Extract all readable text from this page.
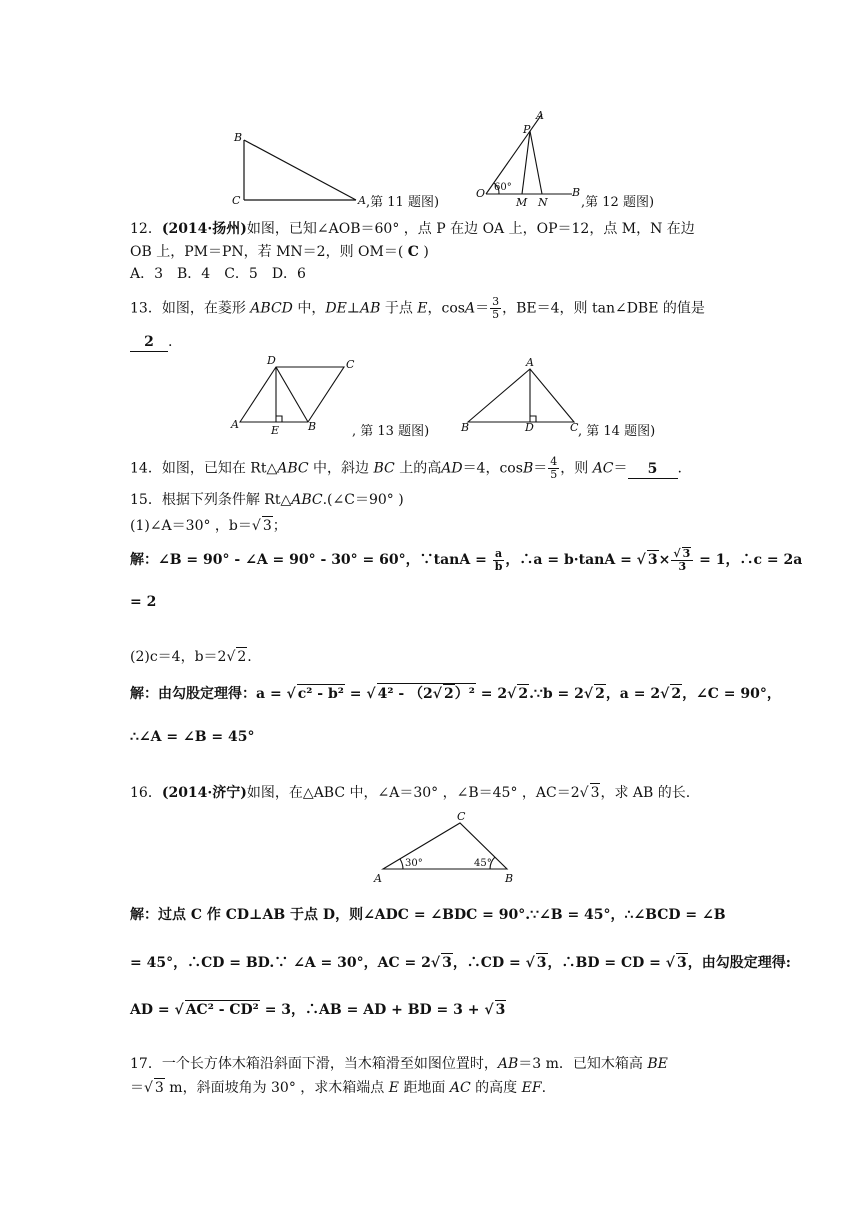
B
C	A
A
P
O
M N
B
60°
D	C
A	E	B
A
B	D	C
C
A	B
30°	45°
,第 11 题图)	,第 12 题图)
12．(2014·扬州)如图，已知∠AOB＝60° ，点 P 在边 OA 上，OP＝12，点 M，N 在边
OB 上，PM＝PN，若 MN＝2，则 OM＝( C )
A．3　B．4　C．5　D．6
13．如图，在菱形 ABCD 中，DE⊥AB 于点 E，$\cos A= \frac{3}{5}$ ，BE＝4，则 tan∠DBE 的值是
2 .
, 第 13 题图)	, 第 14 题图)
14．如图，已知在 Rt△ABC 中，斜边 BC 上的高AD＝4，$\cos B= \frac{4}{5}$ ，则 AC＝ 5 .
15．根据下列条件解 Rt△ABC.(∠C＝90° )
(1)∠A＝30° ，b＝√ 3；
解：∠B = 90° - ∠A = 90° - 30° = 60°，∵tanA = $\frac{a}{b}$ ，∴a = b·tanA = √ $3\times \frac{√ 3}{3} = 1$，∴c = 2a
= 2
(2)c＝4，b＝2√ 2.
解：由勾股定理得：a = √ c² - b² = √ 4² - （2√ 2）² = 2√ 2.∵b = 2√ 2，a = 2√ 2，∠C = 90°，
∴∠A = ∠B = 45°
16．(2014·济宁)如图，在△ABC 中，∠A＝30° ，∠B＝45° ，AC＝2√ 3，求 AB 的长.
解：过点 C 作 CD⊥AB 于点 D，则∠ADC = ∠BDC = 90°.∵∠B = 45°，∴∠BCD = ∠B
= 45°，∴CD = BD.∵ ∠A = 30°，AC = 2√ 3，∴CD = √ 3，∴BD = CD = √ 3，由勾股定理得:
AD = √ AC² - CD² = 3，∴AB = AD + BD = 3 + √ 3
17．一个长方体木箱沿斜面下滑，当木箱滑至如图位置时，AB＝3 m．已知木箱高 BE
＝√ 3 m，斜面坡角为 30° ，求木箱端点 E 距地面 AC 的高度 EF.
